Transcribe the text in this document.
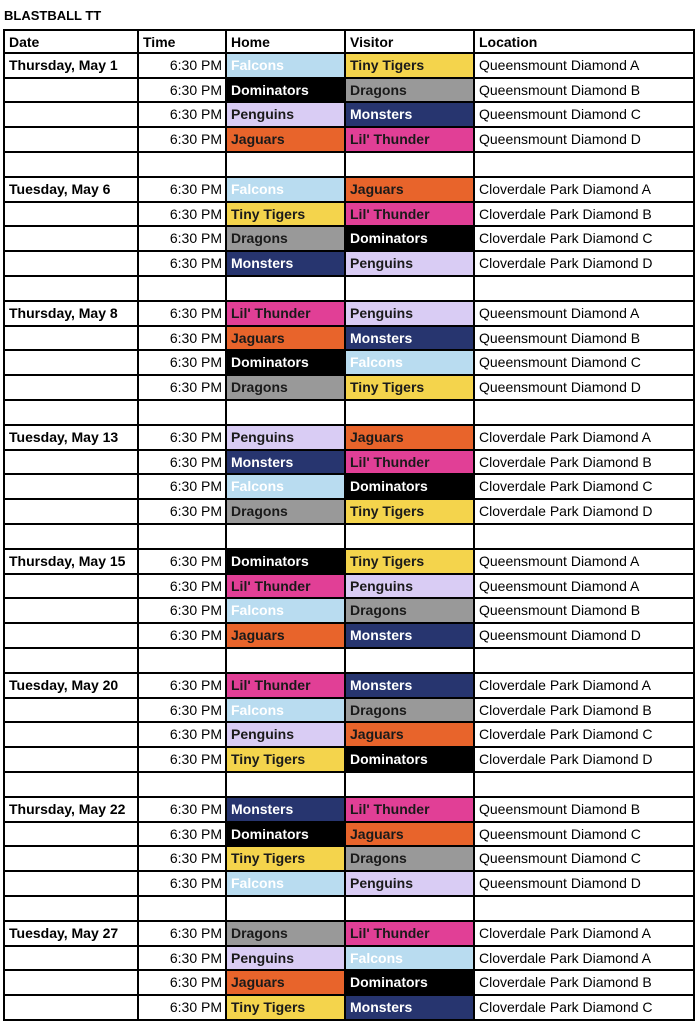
BLASTBALL TT
Date	Time	Home	Visitor	Location
Thursday, May 1	6:30 PM Falcons	Tiny Tigers	Queensmount Diamond A
6:30 PM Dominators	Dragons	Queensmount Diamond B
6:30 PM Penguins	Monsters	Queensmount Diamond C
6:30 PM Jaguars	Lil' Thunder	Queensmount Diamond D
Tuesday, May 6	6:30 PM Falcons	Jaguars	Cloverdale Park Diamond A
6:30 PM Tiny Tigers	Lil' Thunder	Cloverdale Park Diamond B
6:30 PM Dragons	Dominators	Cloverdale Park Diamond C
6:30 PM Monsters	Penguins	Cloverdale Park Diamond D
Thursday, May 8	6:30 PM Lil' Thunder	Penguins	Queensmount Diamond A
6:30 PM Jaguars	Monsters	Queensmount Diamond B
6:30 PM Dominators	Falcons	Queensmount Diamond C
6:30 PM Dragons	Tiny Tigers	Queensmount Diamond D
Tuesday, May 13	6:30 PM Penguins	Jaguars	Cloverdale Park Diamond A
6:30 PM Monsters	Lil' Thunder	Cloverdale Park Diamond B
6:30 PM Falcons	Dominators	Cloverdale Park Diamond C
6:30 PM Dragons	Tiny Tigers	Cloverdale Park Diamond D
Thursday, May 15	6:30 PM Dominators	Tiny Tigers	Queensmount Diamond A
6:30 PM Lil' Thunder	Penguins	Queensmount Diamond A
6:30 PM Falcons	Dragons	Queensmount Diamond B
6:30 PM Jaguars	Monsters	Queensmount Diamond D
Tuesday, May 20	6:30 PM Lil' Thunder	Monsters	Cloverdale Park Diamond A
6:30 PM Falcons	Dragons	Cloverdale Park Diamond B
6:30 PM Penguins	Jaguars	Cloverdale Park Diamond C
6:30 PM Tiny Tigers	Dominators	Cloverdale Park Diamond D
Thursday, May 22	6:30 PM Monsters	Lil' Thunder	Queensmount Diamond B
6:30 PM Dominators	Jaguars	Queensmount Diamond C
6:30 PM Tiny Tigers	Dragons	Queensmount Diamond C
6:30 PM Falcons	Penguins	Queensmount Diamond D
Tuesday, May 27	6:30 PM Dragons	Lil' Thunder	Cloverdale Park Diamond A
6:30 PM Penguins	Falcons	Cloverdale Park Diamond A
6:30 PM Jaguars	Dominators	Cloverdale Park Diamond B
6:30 PM Tiny Tigers	Monsters	Cloverdale Park Diamond C
